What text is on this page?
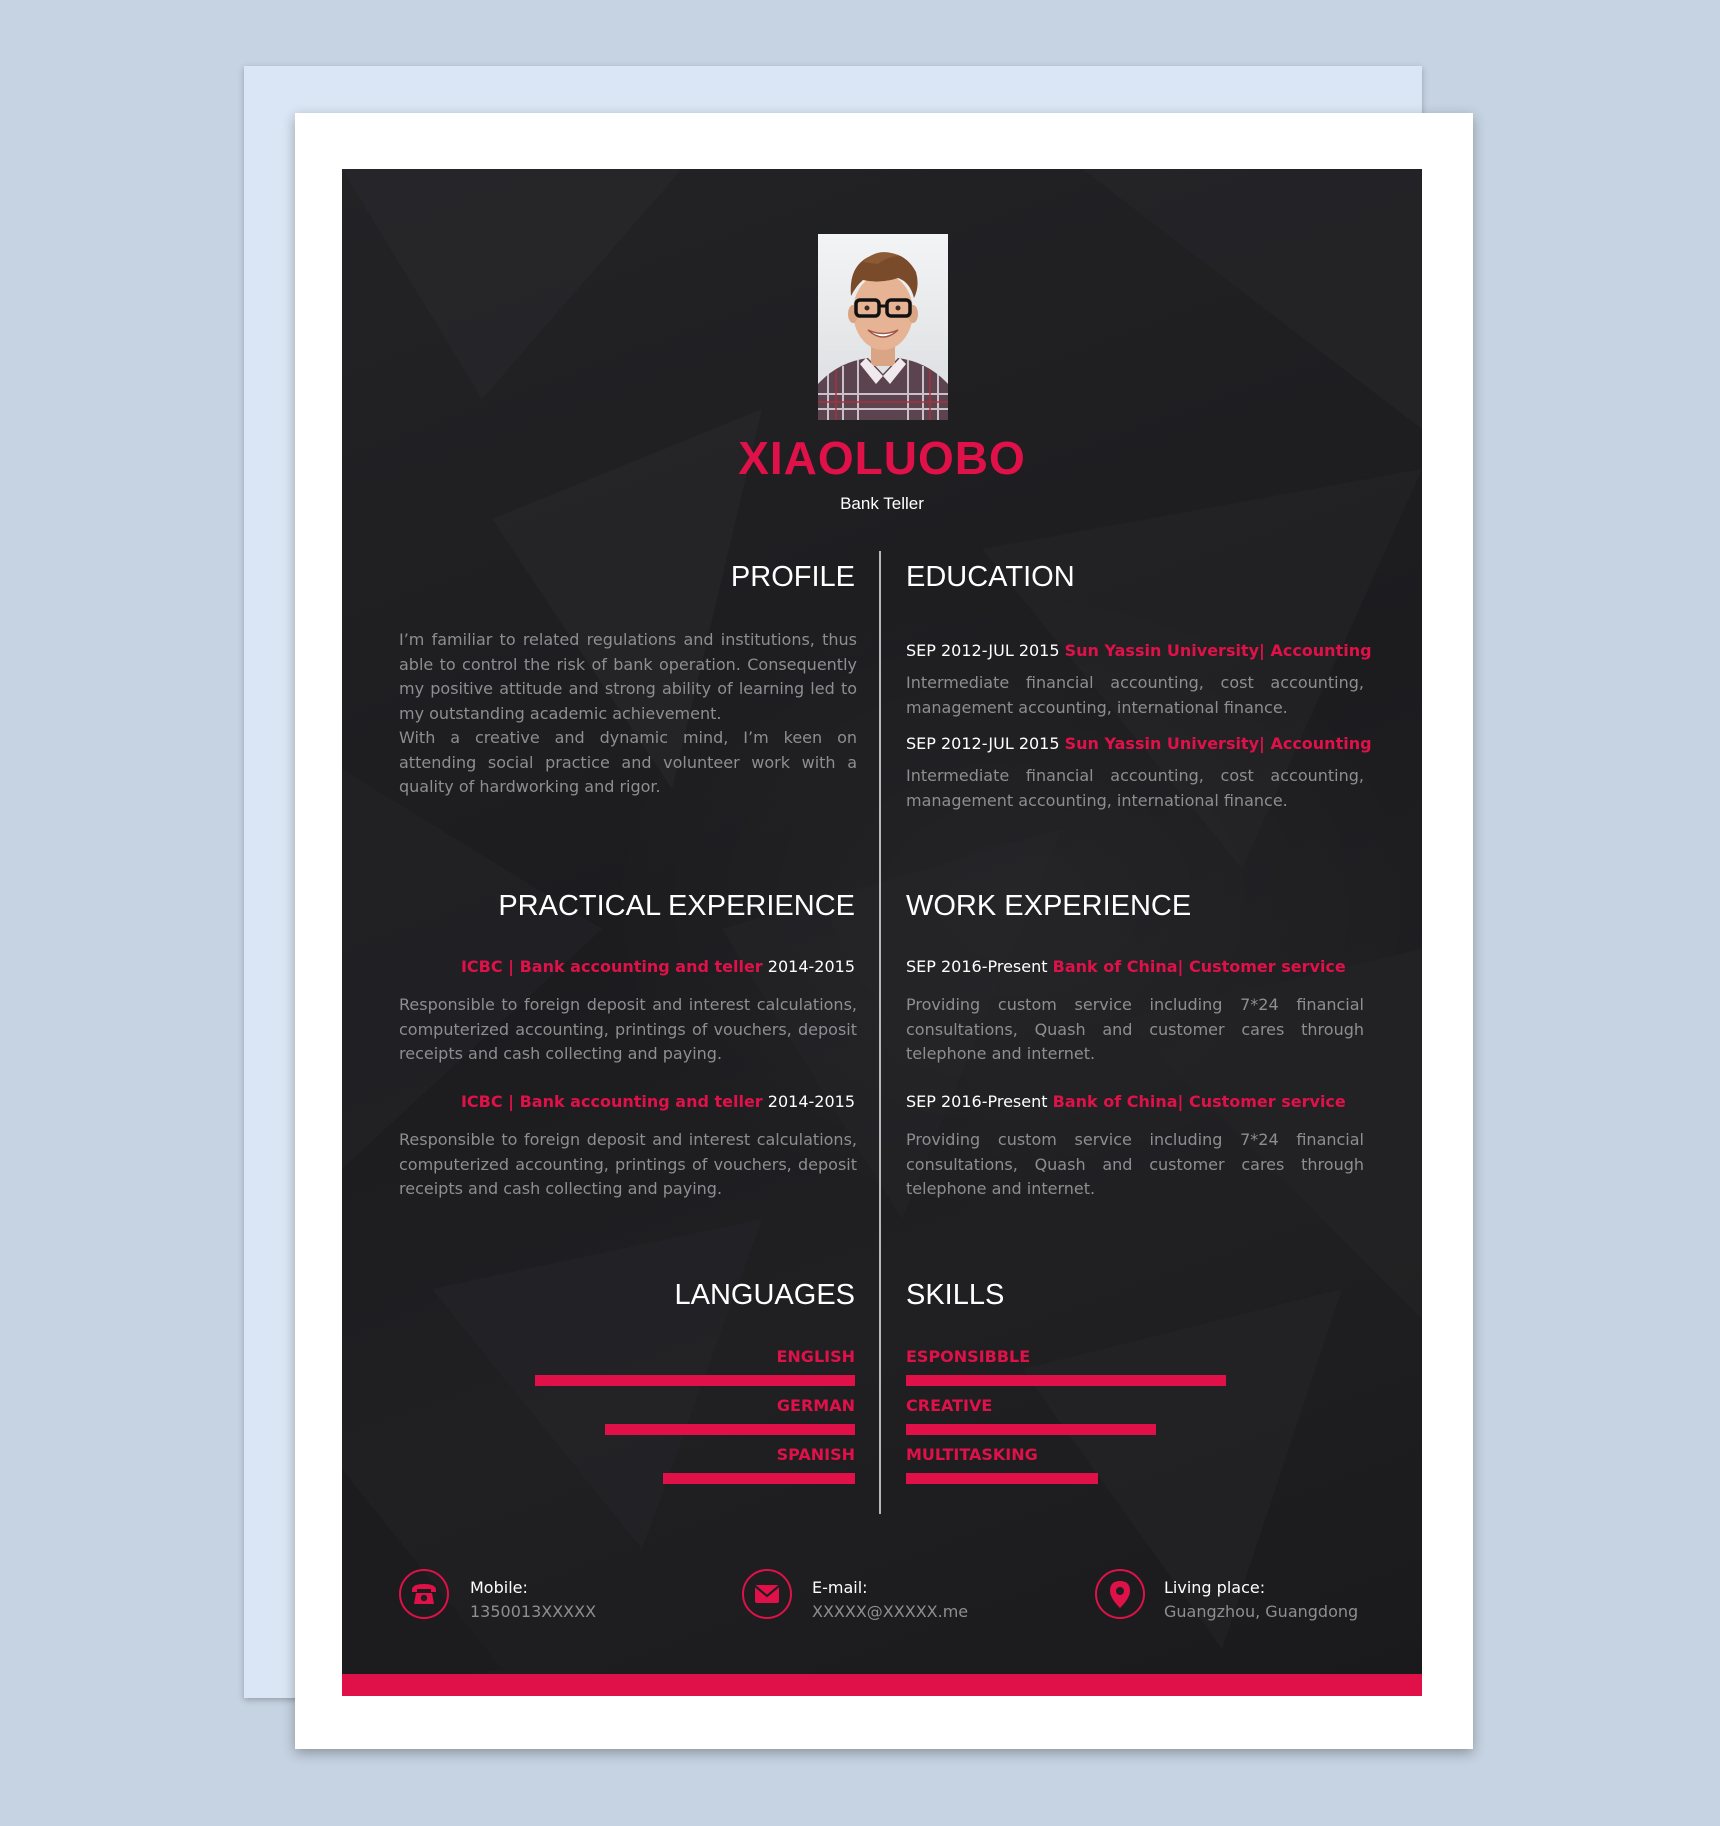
XIAOLUOBO
Bank Teller
PROFILE
I’m familiar to related regulations and institutions, thus able to control the risk of bank operation. Consequently my positive attitude and strong ability of learning led to my outstanding academic achievement.
With a creative and dynamic mind, I’m keen on attending social practice and volunteer work with a quality of hardworking and rigor.
EDUCATION
SEP 2012-JUL 2015 Sun Yassin University| Accounting
Intermediate financial accounting, cost accounting, management accounting, international finance.
SEP 2012-JUL 2015 Sun Yassin University| Accounting
Intermediate financial accounting, cost accounting, management accounting, international finance.
PRACTICAL EXPERIENCE
ICBC | Bank accounting and teller 2014-2015
Responsible to foreign deposit and interest calculations, computerized accounting, printings of vouchers, deposit receipts and cash collecting and paying.
ICBC | Bank accounting and teller 2014-2015
Responsible to foreign deposit and interest calculations, computerized accounting, printings of vouchers, deposit receipts and cash collecting and paying.
WORK EXPERIENCE
SEP 2016-Present Bank of China| Customer service
Providing custom service including 7*24 financial consultations, Quash and customer cares through telephone and internet.
SEP 2016-Present Bank of China| Customer service
Providing custom service including 7*24 financial consultations, Quash and customer cares through telephone and internet.
LANGUAGES SKILLS
Mobile:
1350013XXXXX
E-mail:
XXXXX@XXXXX.me
Living place:
Guangzhou, Guangdong
ENGLISH
GERMAN
SPANISH
ESPONSIBBLE
CREATIVE
MULTITASKING
